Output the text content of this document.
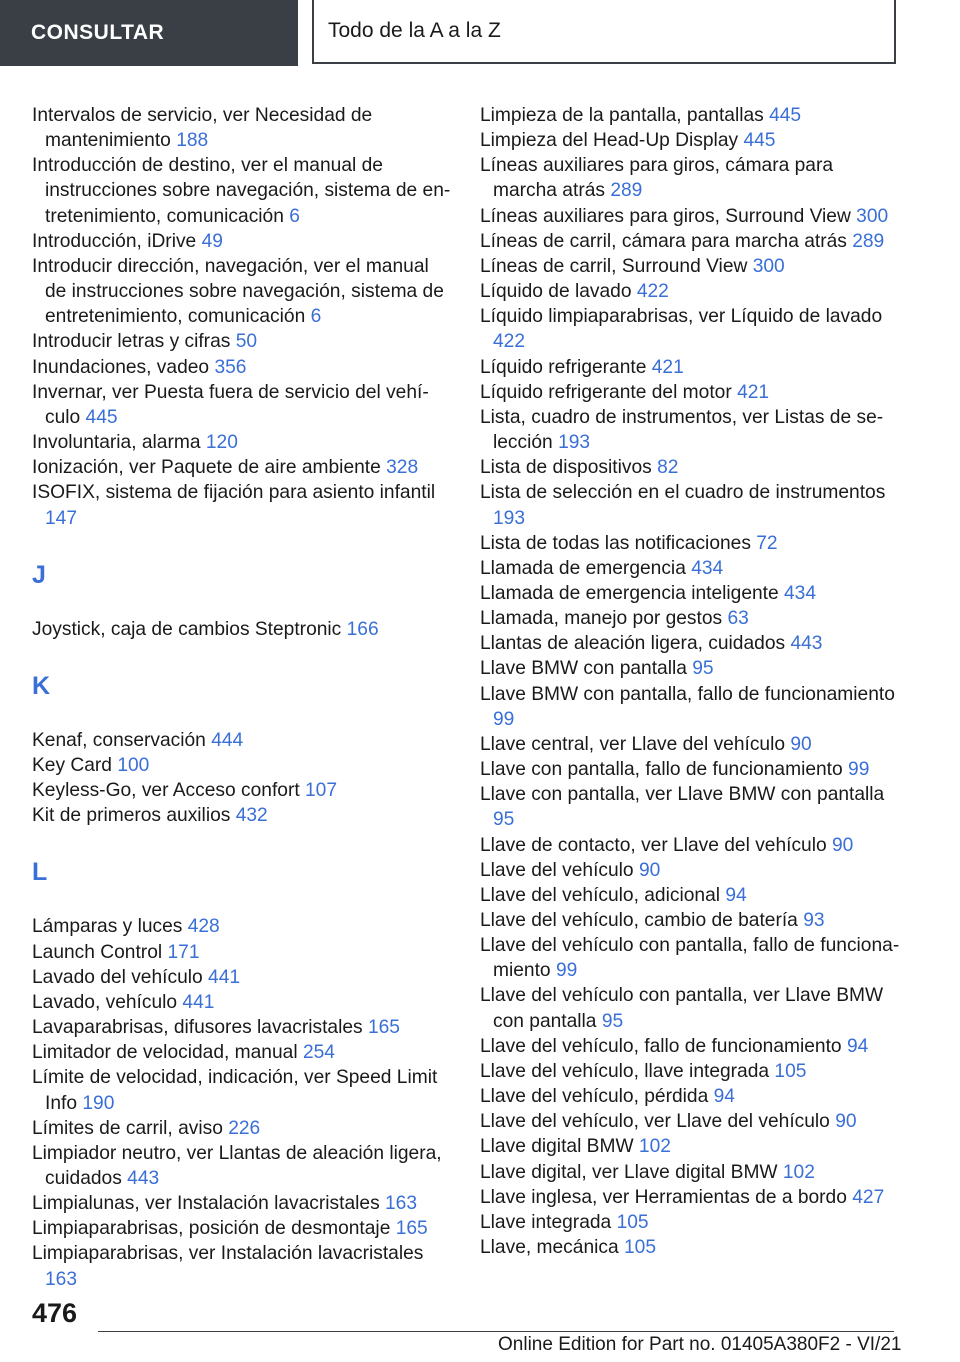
CONSULTAR	Todo de la A a la Z
Intervalos de servicio, ver Necesidad de mantenimiento 188
Introducción de destino, ver el manual de instrucciones sobre navegación, sistema de entretenimiento, comunicación 6
Introducción, iDrive 49
Introducir dirección, navegación, ver el manual de instrucciones sobre navegación, sistema de entretenimiento, comunicación 6
Introducir letras y cifras 50
Inundaciones, vadeo 356
Invernar, ver Puesta fuera de servicio del vehículo 445
Involuntaria, alarma 120
Ionización, ver Paquete de aire ambiente 328
ISOFIX, sistema de fijación para asiento infantil 147
J
Joystick, caja de cambios Steptronic 166
K
Kenaf, conservación 444
Key Card 100
Keyless-Go, ver Acceso confort 107
Kit de primeros auxilios 432
L
Lámparas y luces 428
Launch Control 171
Lavado del vehículo 441
Lavado, vehículo 441
Lavaparabrisas, difusores lavacristales 165
Limitador de velocidad, manual 254
Límite de velocidad, indicación, ver Speed Limit Info 190
Límites de carril, aviso 226
Limpiador neutro, ver Llantas de aleación ligera, cuidados 443
Limpialunas, ver Instalación lavacristales 163
Limpiaparabrisas, posición de desmontaje 165
Limpiaparabrisas, ver Instalación lavacristales 163
Limpieza de la pantalla, pantallas 445
Limpieza del Head-Up Display 445
Líneas auxiliares para giros, cámara para marcha atrás 289
Líneas auxiliares para giros, Surround View 300
Líneas de carril, cámara para marcha atrás 289
Líneas de carril, Surround View 300
Líquido de lavado 422
Líquido limpiaparabrisas, ver Líquido de lavado 422
Líquido refrigerante 421
Líquido refrigerante del motor 421
Lista, cuadro de instrumentos, ver Listas de selección 193
Lista de dispositivos 82
Lista de selección en el cuadro de instrumentos 193
Lista de todas las notificaciones 72
Llamada de emergencia 434
Llamada de emergencia inteligente 434
Llamada, manejo por gestos 63
Llantas de aleación ligera, cuidados 443
Llave BMW con pantalla 95
Llave BMW con pantalla, fallo de funcionamiento 99
Llave central, ver Llave del vehículo 90
Llave con pantalla, fallo de funcionamiento 99
Llave con pantalla, ver Llave BMW con pantalla 95
Llave de contacto, ver Llave del vehículo 90
Llave del vehículo 90
Llave del vehículo, adicional 94
Llave del vehículo, cambio de batería 93
Llave del vehículo con pantalla, fallo de funcionamiento 99
Llave del vehículo con pantalla, ver Llave BMW con pantalla 95
Llave del vehículo, fallo de funcionamiento 94
Llave del vehículo, llave integrada 105
Llave del vehículo, pérdida 94
Llave del vehículo, ver Llave del vehículo 90
Llave digital BMW 102
Llave digital, ver Llave digital BMW 102
Llave inglesa, ver Herramientas de a bordo 427
Llave integrada 105
Llave, mecánica 105
476
Online Edition for Part no. 01405A380F2 - VI/21
